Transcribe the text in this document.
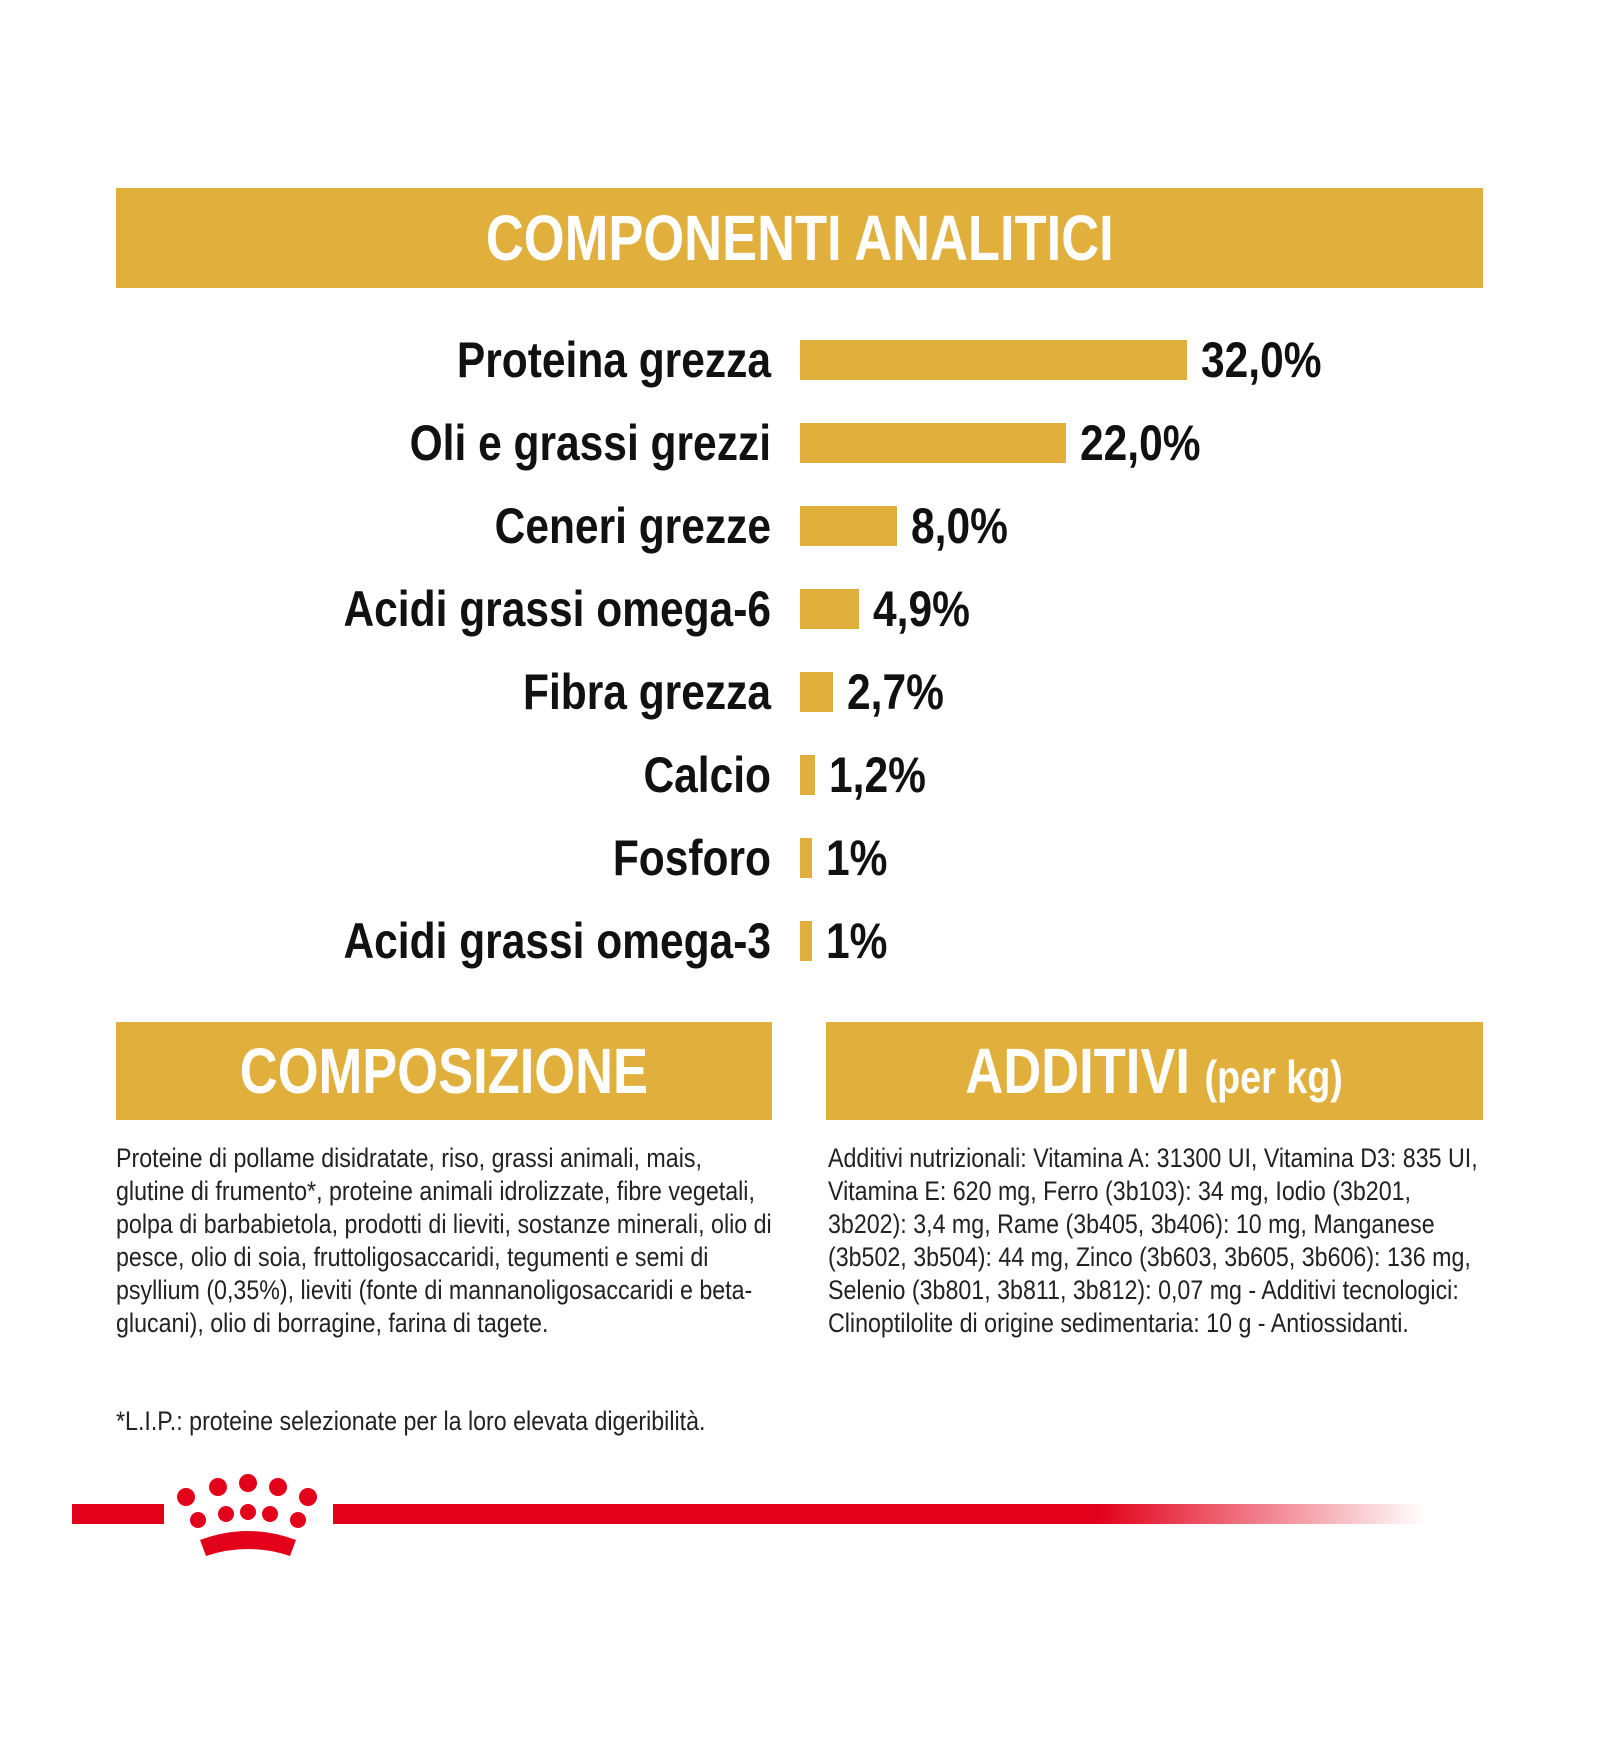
COMPONENTI ANALITICI
Proteina grezza	32,0%
Oli e grassi grezzi	22,0%
Ceneri grezze	8,0%
Acidi grassi omega-6 4,9%
Fibra grezza 2,7%
Calcio 1,2%
Fosforo 1%
Acidi grassi omega-3 1%
COMPOSIZIONE	ADDITIVI (per kg)
Proteine di pollame disidratate, riso, grassi animali, mais, glutine di frumento*, proteine animali idrolizzate, fibre vegetali, polpa di barbabietola, prodotti di lieviti, sostanze minerali, olio di pesce, olio di soia, fruttoligosaccaridi, tegumenti e semi di psyllium (0,35%), lieviti (fonte di mannanoligosaccaridi e beta-glucani), olio di borragine, farina di tagete.
Additivi nutrizionali: Vitamina A: 31300 UI, Vitamina D3: 835 UI, Vitamina E: 620 mg, Ferro (3b103): 34 mg, Iodio (3b201, 3b202): 3,4 mg, Rame (3b405, 3b406): 10 mg, Manganese (3b502, 3b504): 44 mg, Zinco (3b603, 3b605, 3b606): 136 mg, Selenio (3b801, 3b811, 3b812): 0,07 mg - Additivi tecnologici: Clinoptilolite di origine sedimentaria: 10 g - Antiossidanti.
*L.I.P.: proteine selezionate per la loro elevata digeribilità.
